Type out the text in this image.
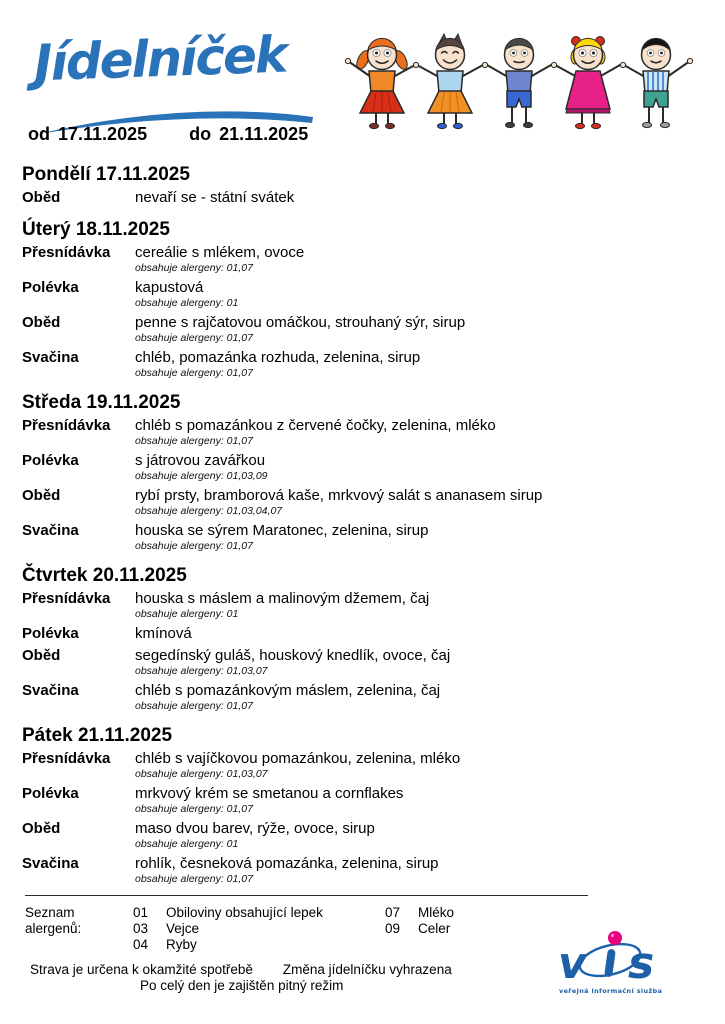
Jídelníček
od 17.11.2025 do 21.11.2025
Pondělí 17.11.2025
Oběd	nevaří se - státní svátek
Úterý 18.11.2025
Přesnídávka	cereálie s mlékem, ovoce
obsahuje alergeny: 01,07
Polévka	kapustová
obsahuje alergeny: 01
Oběd	penne s rajčatovou omáčkou, strouhaný sýr, sirup
obsahuje alergeny: 01,07
Svačina	chléb, pomazánka rozhuda, zelenina, sirup
obsahuje alergeny: 01,07
Středa 19.11.2025
Přesnídávka	chléb s pomazánkou z červené čočky, zelenina, mléko
obsahuje alergeny: 01,07
Polévka	s játrovou zavářkou
obsahuje alergeny: 01,03,09
Oběd	rybí prsty, bramborová kaše, mrkvový salát s ananasem sirup
obsahuje alergeny: 01,03,04,07
Svačina	houska se sýrem Maratonec, zelenina, sirup
obsahuje alergeny: 01,07
Čtvrtek 20.11.2025
Přesnídávka	houska s máslem a malinovým džemem, čaj
obsahuje alergeny: 01
Polévka	kmínová
Oběd	segedínský guláš, houskový knedlík, ovoce, čaj
obsahuje alergeny: 01,03,07
Svačina	chléb s pomazánkovým máslem, zelenina, čaj
obsahuje alergeny: 01,07
Pátek 21.11.2025
Přesnídávka	chléb s vajíčkovou pomazánkou, zelenina, mléko
obsahuje alergeny: 01,03,07
Polévka	mrkvový krém se smetanou a cornflakes
obsahuje alergeny: 01,07
Oběd	maso dvou barev, rýže, ovoce, sirup
obsahuje alergeny: 01
Svačina	rohlík, česneková pomazánka, zelenina, sirup
obsahuje alergeny: 01,07
Seznam alergenů:
01	Obiloviny obsahující lepek
03	Vejce
04	Ryby
07	Mléko
09	Celer
Strava je určena k okamžité spotřebě Změna jídelníčku vyhrazena
Po celý den je zajištěn pitný režim	v s
veřejná informační služba
